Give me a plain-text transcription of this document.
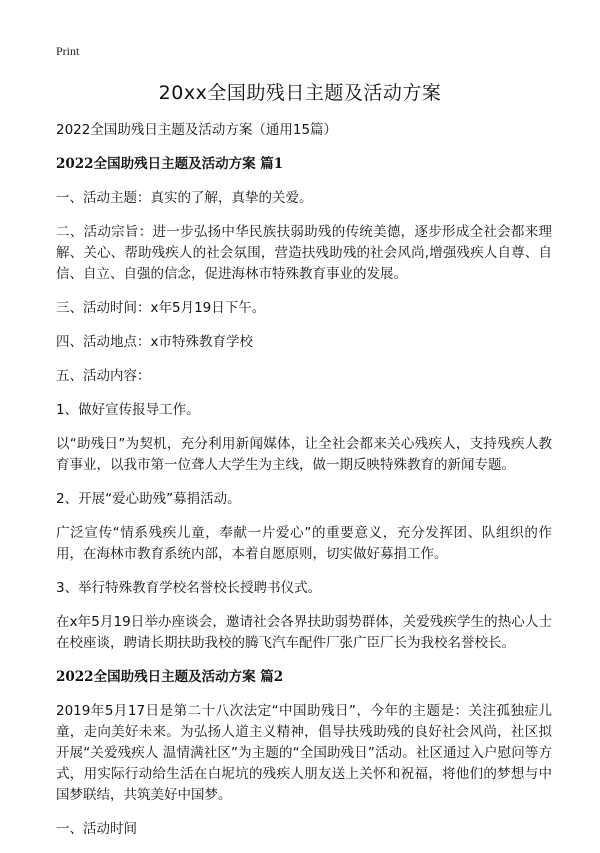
Print
20xx全国助残日主题及活动方案

2022全国助残日主题及活动方案（通用15篇）

2022全国助残日主题及活动方案 篇1

一、活动主题：真实的了解，真挚的关爱。

二、活动宗旨：进一步弘扬中华民族扶弱助残的传统美德，逐步形成全社会都来理解、关心、帮助残疾人的社会氛围，营造扶残助残的社会风尚,增强残疾人自尊、自信、自立、自强的信念，促进海林市特殊教育事业的发展。

三、活动时间：x年5月19日下午。

四、活动地点：x市特殊教育学校

五、活动内容：

1、做好宣传报导工作。

以“助残日”为契机，充分利用新闻媒体，让全社会都来关心残疾人，支持残疾人教育事业，以我市第一位聋人大学生为主线，做一期反映特殊教育的新闻专题。

2、开展“爱心助残”募捐活动。

广泛宣传“情系残疾儿童，奉献一片爱心”的重要意义，充分发挥团、队组织的作用，在海林市教育系统内部，本着自愿原则，切实做好募捐工作。

3、举行特殊教育学校名誉校长授聘书仪式。

在x年5月19日举办座谈会，邀请社会各界扶助弱势群体，关爱残疾学生的热心人士在校座谈，聘请长期扶助我校的腾飞汽车配件厂张广臣厂长为我校名誉校长。

2022全国助残日主题及活动方案 篇2

2019年5月17日是第二十八次法定“中国助残日”，今年的主题是：关注孤独症儿童，走向美好未来。为弘扬人道主义精神，倡导扶残助残的良好社会风尚，社区拟开展“关爱残疾人 温情满社区”为主题的“全国助残日”活动。社区通过入户慰问等方式，用实际行动给生活在白坭坑的残疾人朋友送上关怀和祝福，将他们的梦想与中国梦联结，共筑美好中国梦。

一、活动时间
